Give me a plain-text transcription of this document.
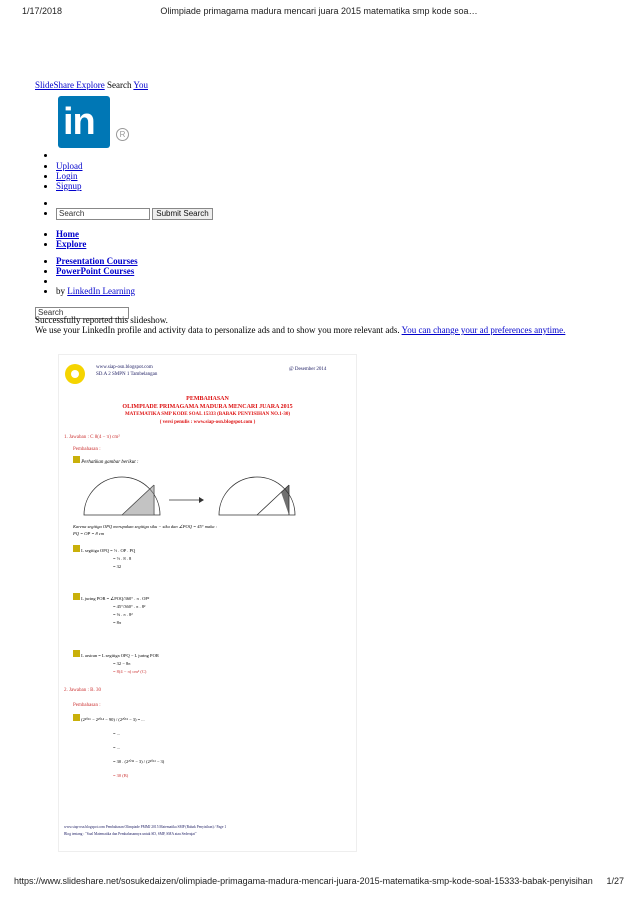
1/17/2018	Olimpiade primagama madura mencari juara 2015 matematika smp kode soa…
SlideShare Explore Search You
in	R
• Upload
• Login
• Signup
•
• Search	Submit Search
• Home
• Explore
• Presentation Courses
• PowerPoint Courses
•
• by LinkedIn Learning
Search
Successfully reported this slideshow.
We use your LinkedIn profile and activity data to personalize ads and to show you more relevant ads. You can change your ad preferences anytime.
www.siap-osn.blogspot.com
SD.A 2 SMPN 1 Tambelangan
@ Desember 2014
PEMBAHASAN
OLIMPIADE PRIMAGAMA MADURA MENCARI JUARA 2015
MATEMATIKA SMP KODE SOAL 15333 (BABAK PENYISIHAN NO.1-30)
( versi penulis : www.siap-osn.blogspot.com )
1. Jawaban : C 8(4 − π) cm²
Pembahasan :
Perhatikan gambar berikut :
Karena segitiga OPQ merupakan segitiga siku − siku dan ∠POQ = 45° maka :
PQ = OP = 8 cm
L segitiga OPQ = ½ . OP . PQ
= ½ . 8 . 8
= 32
L juring POR = ∠POQ/360° . π . OP²
= 45°/360° . π . 8²
= ⅛ . π . 8²
= 8π
L arsiran = L segitiga OPQ − L juring POR
= 32 − 8π
= 8(4 − π) cm² (C)
2. Jawaban : B. 30
Pembahasan :
(2²⁰¹⁶ − 2²⁰¹⁴ − 90) / (2²⁰¹³ − 3) = ...
= ...
= ...
= 30 . (2²⁰¹³ − 3) / (2²⁰¹³ − 3)
= 30 (B)
www.siap-osn.blogspot.com Pembahasan Olimpiade PMMJ 2015 Matematika SMP (Babak Penyisihan) / Page 1
Blog tentang : "Soal Matematika dan Pembahasannya untuk SD, SMP, SMA atau Sederajat"
https://www.slideshare.net/sosukedaizen/olimpiade-primagama-madura-mencari-juara-2015-matematika-smp-kode-soal-15333-babak-penyisihan 1/27
